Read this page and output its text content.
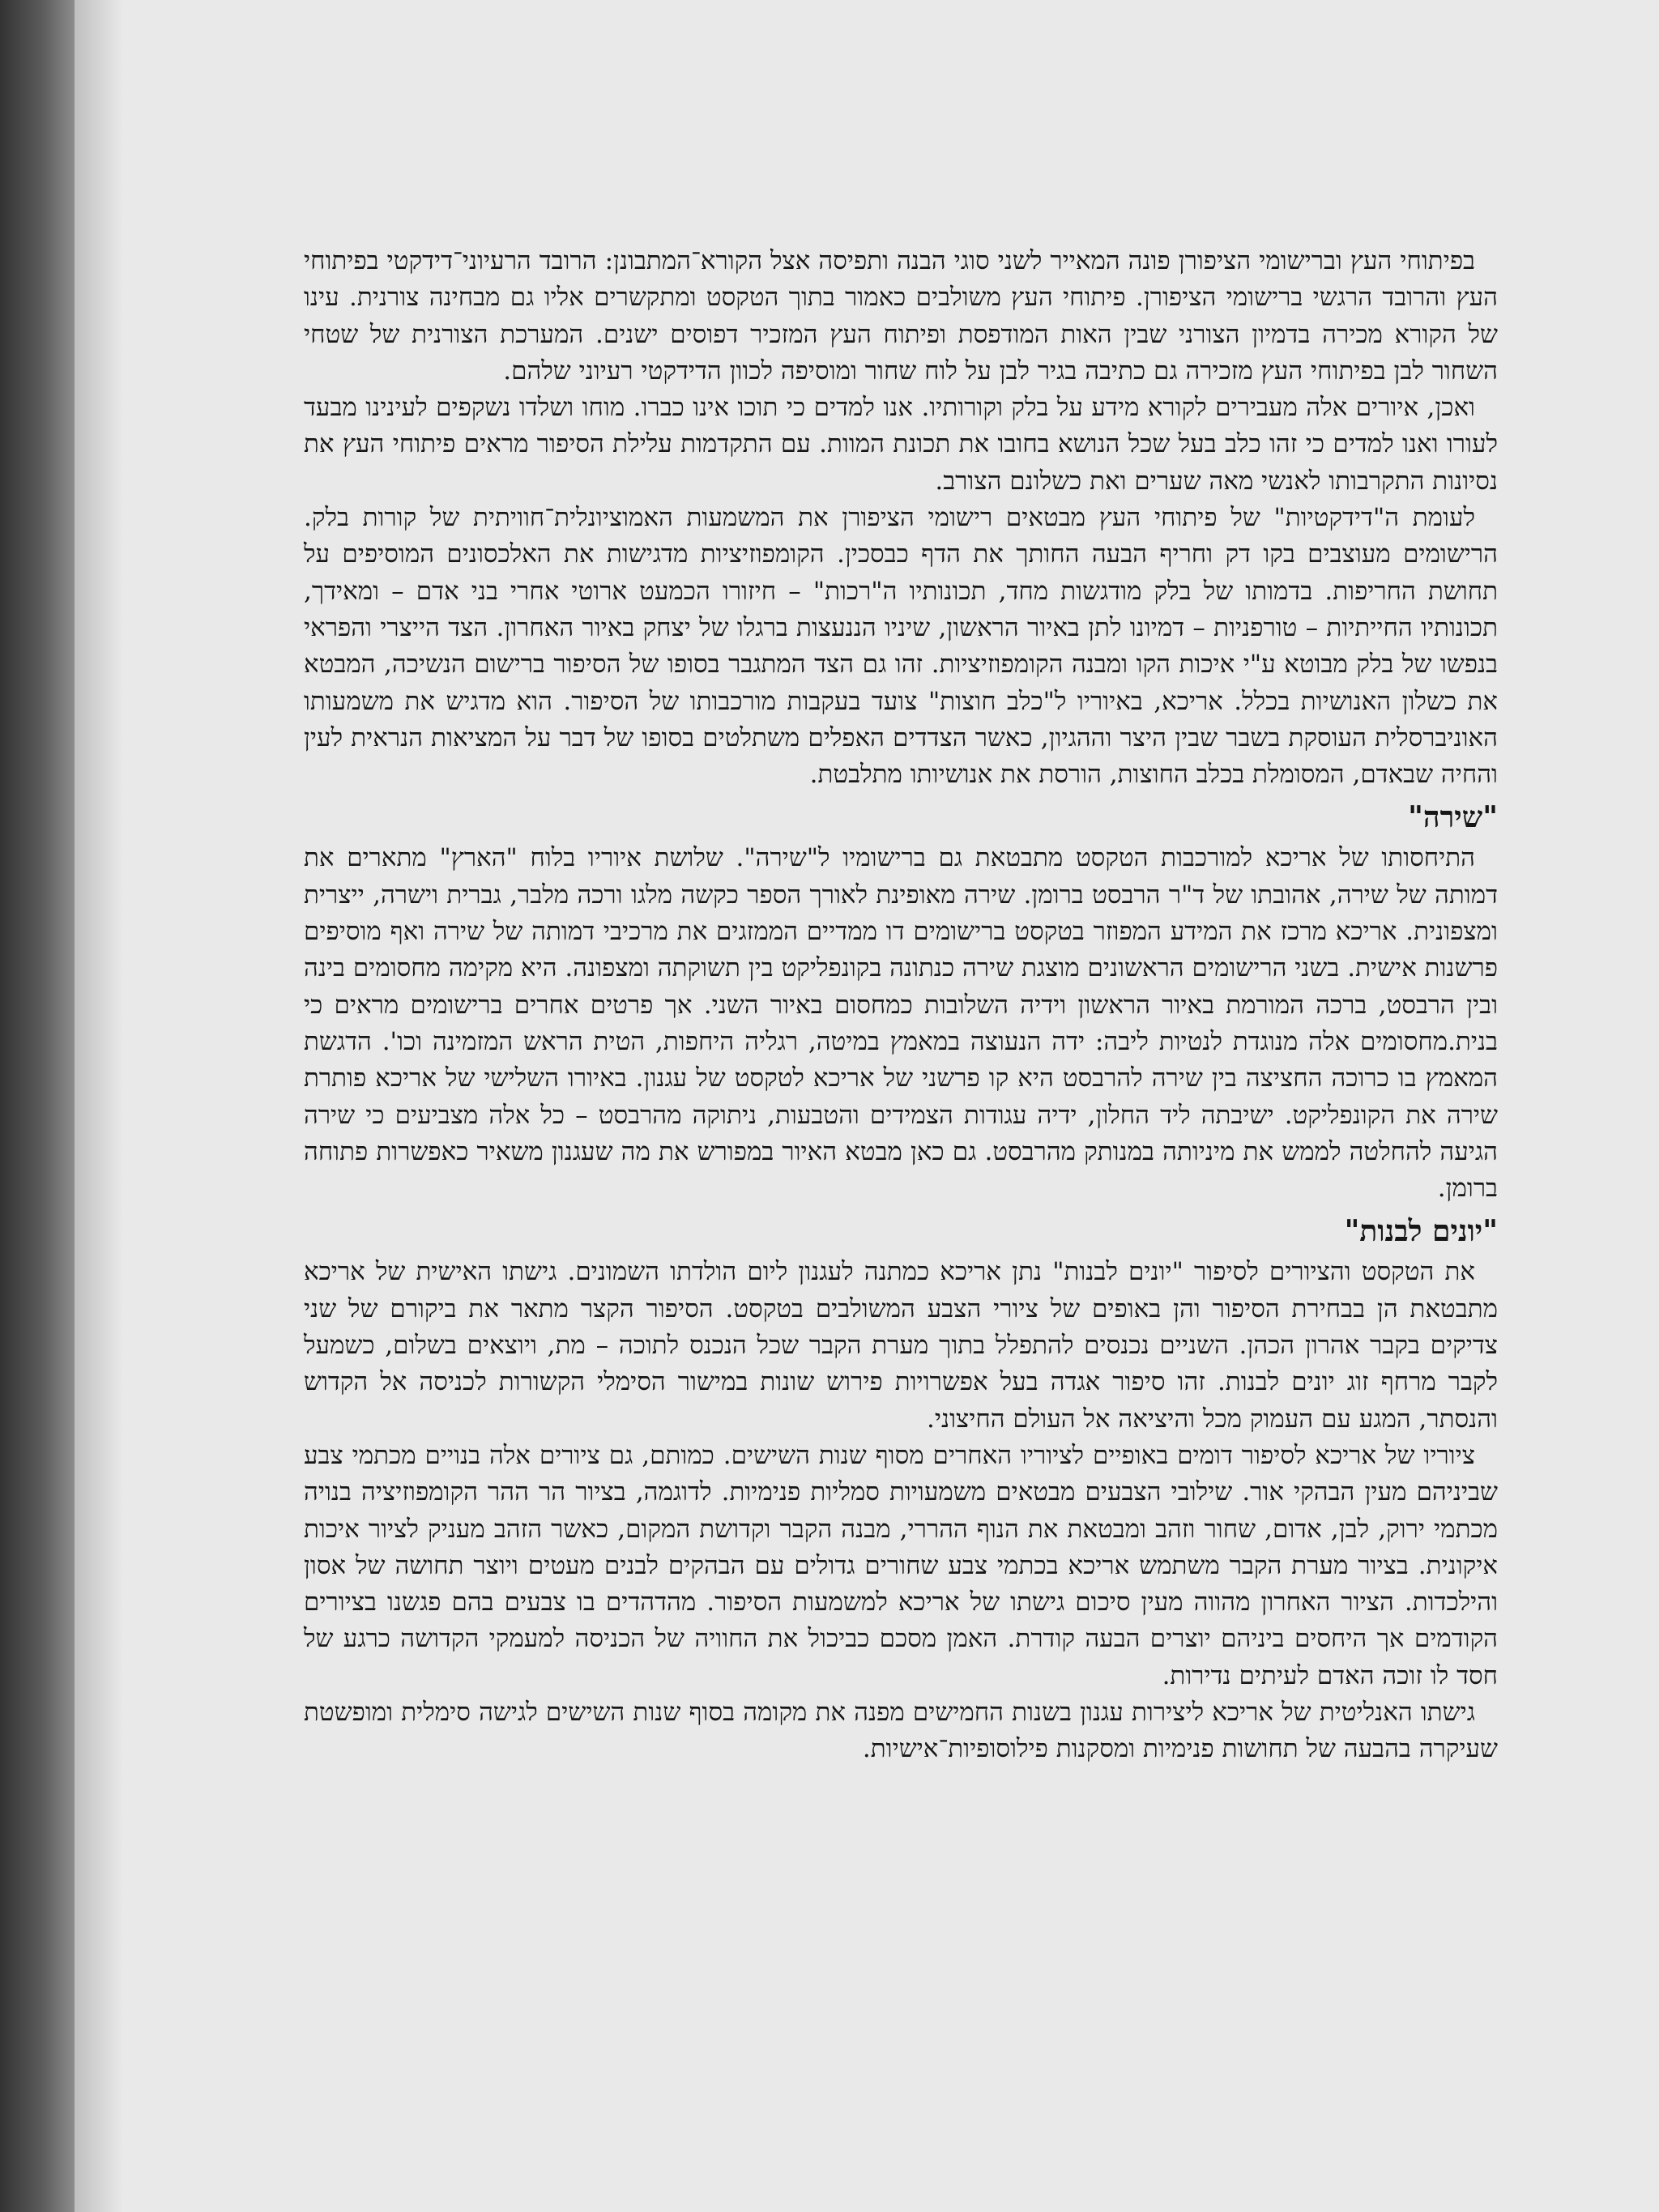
בפיתוחי העץ וברישומי הציפורן פונה המאייר לשני סוגי הבנה ותפיסה אצל הקורא־המתבונן: הרובד הרעיוני־דידקטי בפיתוחי העץ והרובד הרגשי ברישומי הציפורן. פיתוחי העץ משולבים כאמור בתוך הטקסט ומתקשרים אליו גם מבחינה צורנית. עינו של הקורא מכירה בדמיון הצורני שבין האות המודפסת ופיתוח העץ המזכיר דפוסים ישנים. המערכת הצורנית של שטחי השחור לבן בפיתוחי העץ מזכירה גם כתיבה בגיר לבן על לוח שחור ומוסיפה לכוון הדידקטי רעיוני שלהם.

ואכן, איורים אלה מעבירים לקורא מידע על בלק וקורותיו. אנו למדים כי תוכו אינו כברו. מוחו ושלדו נשקפים לעינינו מבעד לעורו ואנו למדים כי זהו כלב בעל שכל הנושא בחובו את תכונת המוות. עם התקדמות עלילת הסיפור מראים פיתוחי העץ את נסיונות התקרבותו לאנשי מאה שערים ואת כשלונם הצורב.

לעומת ה"דידקטיות" של פיתוחי העץ מבטאים רישומי הציפורן את המשמעות האמוציונלית־חוויתית של קורות בלק. הרישומים מעוצבים בקו דק וחריף הבעה החותך את הדף כבסכין. הקומפוזיציות מדגישות את האלכסונים המוסיפים על תחושת החריפות. בדמותו של בלק מודגשות מחד, תכונותיו ה"רכות" – חיזורו הכמעט ארוטי אחרי בני אדם – ומאידך, תכונותיו החייתיות – טורפניות – דמיונו לתן באיור הראשון, שיניו הננעצות ברגלו של יצחק באיור האחרון. הצד הייצרי והפראי בנפשו של בלק מבוטא ע"י איכות הקו ומבנה הקומפוזיציות. זהו גם הצד המתגבר בסופו של הסיפור ברישום הנשיכה, המבטא את כשלון האנושיות בכלל. אריכא, באיוריו ל"כלב חוצות" צועד בעקבות מורכבותו של הסיפור. הוא מדגיש את משמעותו האוניברסלית העוסקת בשבר שבין היצר וההגיון, כאשר הצדדים האפלים משתלטים בסופו של דבר על המציאות הנראית לעין והחיה שבאדם, המסומלת בכלב החוצות, הורסת את אנושיותו מתלבטת.

"שירה"

התיחסותו של אריכא למורכבות הטקסט מתבטאת גם ברישומיו ל"שירה". שלושת איוריו בלוח "הארץ" מתארים את דמותה של שירה, אהובתו של ד"ר הרבסט ברומן. שירה מאופינת לאורך הספר כקשה מלגו ורכה מלבר, גברית וישרה, ייצרית ומצפונית. אריכא מרכז את המידע המפוזר בטקסט ברישומים דו ממדיים הממזגים את מרכיבי דמותה של שירה ואף מוסיפים פרשנות אישית. בשני הרישומים הראשונים מוצגת שירה כנתונה בקונפליקט בין תשוקתה ומצפונה. היא מקימה מחסומים בינה ובין הרבסט, ברכה המורמת באיור הראשון וידיה השלובות כמחסום באיור השני. אך פרטים אחרים ברישומים מראים כי בנית.מחסומים אלה מנוגדת לנטיות ליבה: ידה הנעוצה במאמץ במיטה, רגליה היחפות, הטית הראש המזמינה וכו'. הדגשת המאמץ בו כרוכה החציצה בין שירה להרבסט היא קו פרשני של אריכא לטקסט של עגנון. באיורו השלישי של אריכא פותרת שירה את הקונפליקט. ישיבתה ליד החלון, ידיה עגודות הצמידים והטבעות, ניתוקה מהרבסט – כל אלה מצביעים כי שירה הגיעה להחלטה לממש את מיניותה במנותק מהרבסט. גם כאן מבטא האיור במפורש את מה שעגנון משאיר כאפשרות פתוחה ברומן.

"יונים לבנות"

את הטקסט והציורים לסיפור "יונים לבנות" נתן אריכא כמתנה לעגנון ליום הולדתו השמונים. גישתו האישית של אריכא מתבטאת הן בבחירת הסיפור והן באופים של ציורי הצבע המשולבים בטקסט. הסיפור הקצר מתאר את ביקורם של שני צדיקים בקבר אהרון הכהן. השניים נכנסים להתפלל בתוך מערת הקבר שכל הנכנס לתוכה – מת, ויוצאים בשלום, כשמעל לקבר מרחף זוג יונים לבנות. זהו סיפור אגדה בעל אפשרויות פירוש שונות במישור הסימלי הקשורות לכניסה אל הקדוש והנסתר, המגע עם העמוק מכל והיציאה אל העולם החיצוני.

ציוריו של אריכא לסיפור דומים באופיים לציוריו האחרים מסוף שנות השישים. כמותם, גם ציורים אלה בנויים מכתמי צבע שביניהם מעין הבהקי אור. שילובי הצבעים מבטאים משמעויות סמליות פנימיות. לדוגמה, בציור הר ההר הקומפוזיציה בנויה מכתמי ירוק, לבן, אדום, שחור וזהב ומבטאת את הנוף ההררי, מבנה הקבר וקדושת המקום, כאשר הזהב מעניק לציור איכות איקונית. בציור מערת הקבר משתמש אריכא בכתמי צבע שחורים גדולים עם הבהקים לבנים מעטים ויוצר תחושה של אסון והילכדות. הציור האחרון מהווה מעין סיכום גישתו של אריכא למשמעות הסיפור. מהדהדים בו צבעים בהם פגשנו בציורים הקודמים אך היחסים ביניהם יוצרים הבעה קודרת. האמן מסכם כביכול את החוויה של הכניסה למעמקי הקדושה כרגע של חסד לו זוכה האדם לעיתים נדירות.

גישתו האנליטית של אריכא ליצירות עגנון בשנות החמישים מפנה את מקומה בסוף שנות השישים לגישה סימלית ומופשטת שעיקרה בהבעה של תחושות פנימיות ומסקנות פילוסופיות־אישיות.
